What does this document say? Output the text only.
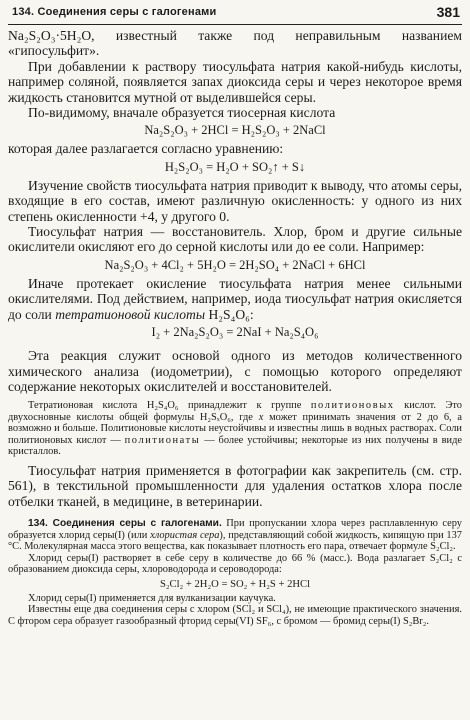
134. Соединения серы с галогенами	381

Na₂S₂O₃·5H₂O, известный также под неправильным названием «гипосульфит».

При добавлении к раствору тиосульфата натрия какой-нибудь кислоты, например соляной, появляется запах диоксида серы и через некоторое время жидкость становится мутной от выделившейся серы.

По-видимому, вначале образуется тиосерная кислота

Na₂S₂O₃ + 2HCl = H₂S₂O₃ + 2NaCl

которая далее разлагается согласно уравнению:

H₂S₂O₃ = H₂O + SO₂↑ + S↓

Изучение свойств тиосульфата натрия приводит к выводу, что атомы серы, входящие в его состав, имеют различную окисленность: у одного из них степень окисленности +4, у другого 0.

Тиосульфат натрия — восстановитель. Хлор, бром и другие сильные окислители окисляют его до серной кислоты или до ее соли. Например:

Na₂S₂O₃ + 4Cl₂ + 5H₂O = 2H₂SO₄ + 2NaCl + 6HCl

Иначе протекает окисление тиосульфата натрия менее сильными окислителями. Под действием, например, иода тиосульфат натрия окисляется до соли тетратионовой кислоты H₂S₄O₆:

I₂ + 2Na₂S₂O₃ = 2NaI + Na₂S₄O₆

Эта реакция служит основой одного из методов количественного химического анализа (иодометрии), с помощью которого определяют содержание некоторых окислителей и восстановителей.

Тетратионовая кислота H₂S₄O₆ принадлежит к группе политионовых кислот. Это двухосновные кислоты общей формулы H₂SₓO₆, где x может принимать значения от 2 до 6, а возможно и больше. Политионовые кислоты неустойчивы и известны лишь в водных растворах. Соли политионовых кислот — политионаты — более устойчивы; некоторые из них получены в виде кристаллов.

Тиосульфат натрия применяется в фотографии как закрепитель (см. стр. 561), в текстильной промышленности для удаления остатков хлора после отбелки тканей, в медицине, в ветеринарии.

134. Соединения серы с галогенами. При пропускании хлора через расплавленную серу образуется хлорид серы(I) (или хлористая сера), представляющий собой жидкость, кипящую при 137 °С. Молекулярная масса этого вещества, как показывает плотность его пара, отвечает формуле S₂Cl₂.

Хлорид серы(I) растворяет в себе серу в количестве до 66 % (масс.). Вода разлагает S₂Cl₂ с образованием диоксида серы, хлороводорода и сероводорода:

S₂Cl₂ + 2H₂O = SO₂ + H₂S + 2HCl

Хлорид серы(I) применяется для вулканизации каучука.

Известны еще два соединения серы с хлором (SCl₂ и SCl₄), не имеющие практического значения. С фтором сера образует газообразный фторид серы(VI) SF₆, с бромом — бромид серы(I) S₂Br₂.
